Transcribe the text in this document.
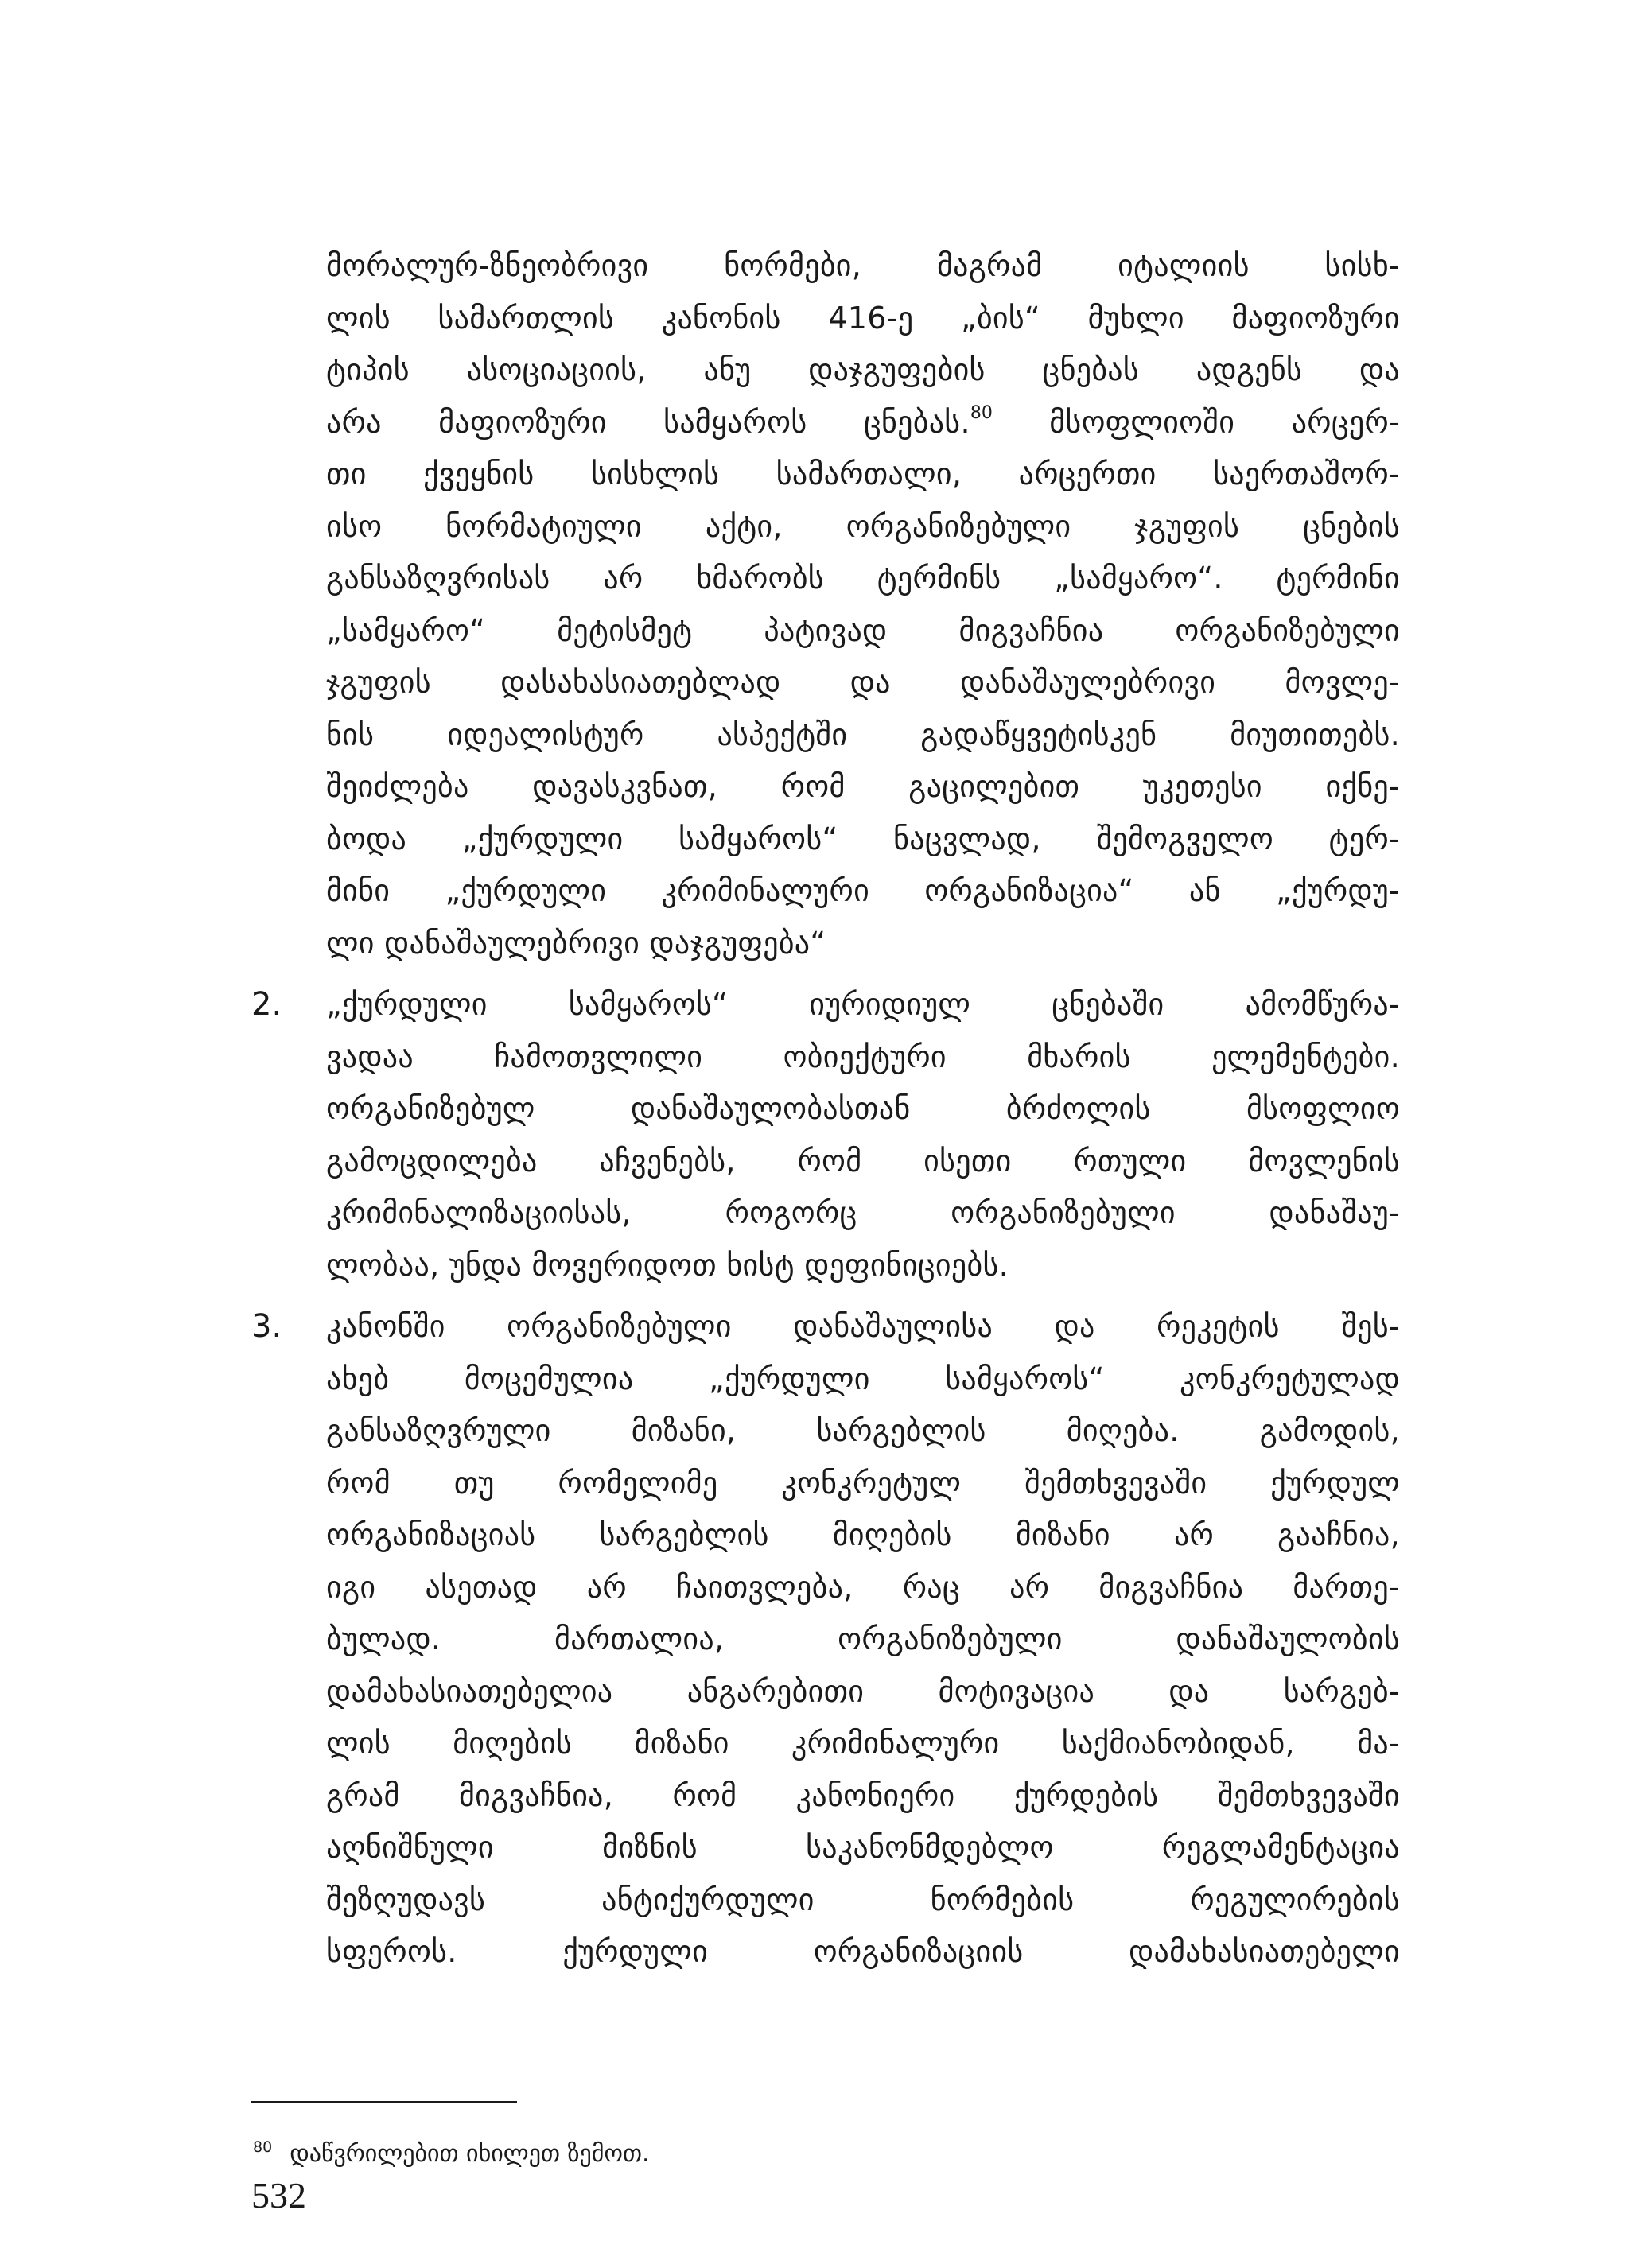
მორალურ-ზნეობრივი ნორმები, მაგრამ იტალიის სისხ-
ლის სამართლის კანონის 416-ე „ბის“ მუხლი მაფიოზური
ტიპის ასოციაციის, ანუ დაჯგუფების ცნებას ადგენს და
არა მაფიოზური სამყაროს ცნებას.$^{80}$ მსოფლიოში არცერ-
თი ქვეყნის სისხლის სამართალი, არცერთი საერთაშორ-
ისო ნორმატიული აქტი, ორგანიზებული ჯგუფის ცნების
განსაზღვრისას არ ხმარობს ტერმინს „სამყარო“. ტერმინი
„სამყარო“ მეტისმეტ პატივად მიგვაჩნია ორგანიზებული
ჯგუფის დასახასიათებლად და დანაშაულებრივი მოვლე-
ნის იდეალისტურ ასპექტში გადაწყვეტისკენ მიუთითებს.
შეიძლება დავასკვნათ, რომ გაცილებით უკეთესი იქნე-
ბოდა „ქურდული სამყაროს“ ნაცვლად, შემოგველო ტერ-
მინი „ქურდული კრიმინალური ორგანიზაცია“ ან „ქურდუ-
ლი დანაშაულებრივი დაჯგუფება“
2. „ქურდული სამყაროს“ იურიდიულ ცნებაში ამომწურა-
ვადაა ჩამოთვლილი ობიექტური მხარის ელემენტები.
ორგანიზებულ დანაშაულობასთან ბრძოლის მსოფლიო
გამოცდილება აჩვენებს, რომ ისეთი რთული მოვლენის
კრიმინალიზაციისას, როგორც ორგანიზებული დანაშაუ-
ლობაა, უნდა მოვერიდოთ ხისტ დეფინიციებს.
3. კანონში ორგანიზებული დანაშაულისა და რეკეტის შეს-
ახებ მოცემულია „ქურდული სამყაროს“ კონკრეტულად
განსაზღვრული მიზანი, სარგებლის მიღება. გამოდის,
რომ თუ რომელიმე კონკრეტულ შემთხვევაში ქურდულ
ორგანიზაციას სარგებლის მიღების მიზანი არ გააჩნია,
იგი ასეთად არ ჩაითვლება, რაც არ მიგვაჩნია მართე-
ბულად. მართალია, ორგანიზებული დანაშაულობის
დამახასიათებელია ანგარებითი მოტივაცია და სარგებ-
ლის მიღების მიზანი კრიმინალური საქმიანობიდან, მა-
გრამ მიგვაჩნია, რომ კანონიერი ქურდების შემთხვევაში
აღნიშნული მიზნის საკანონმდებლო რეგლამენტაცია
შეზღუდავს ანტიქურდული ნორმების რეგულირების
სფეროს. ქურდული ორგანიზაციის დამახასიათებელი
$^{80}$ დაწვრილებით იხილეთ ზემოთ.
532
